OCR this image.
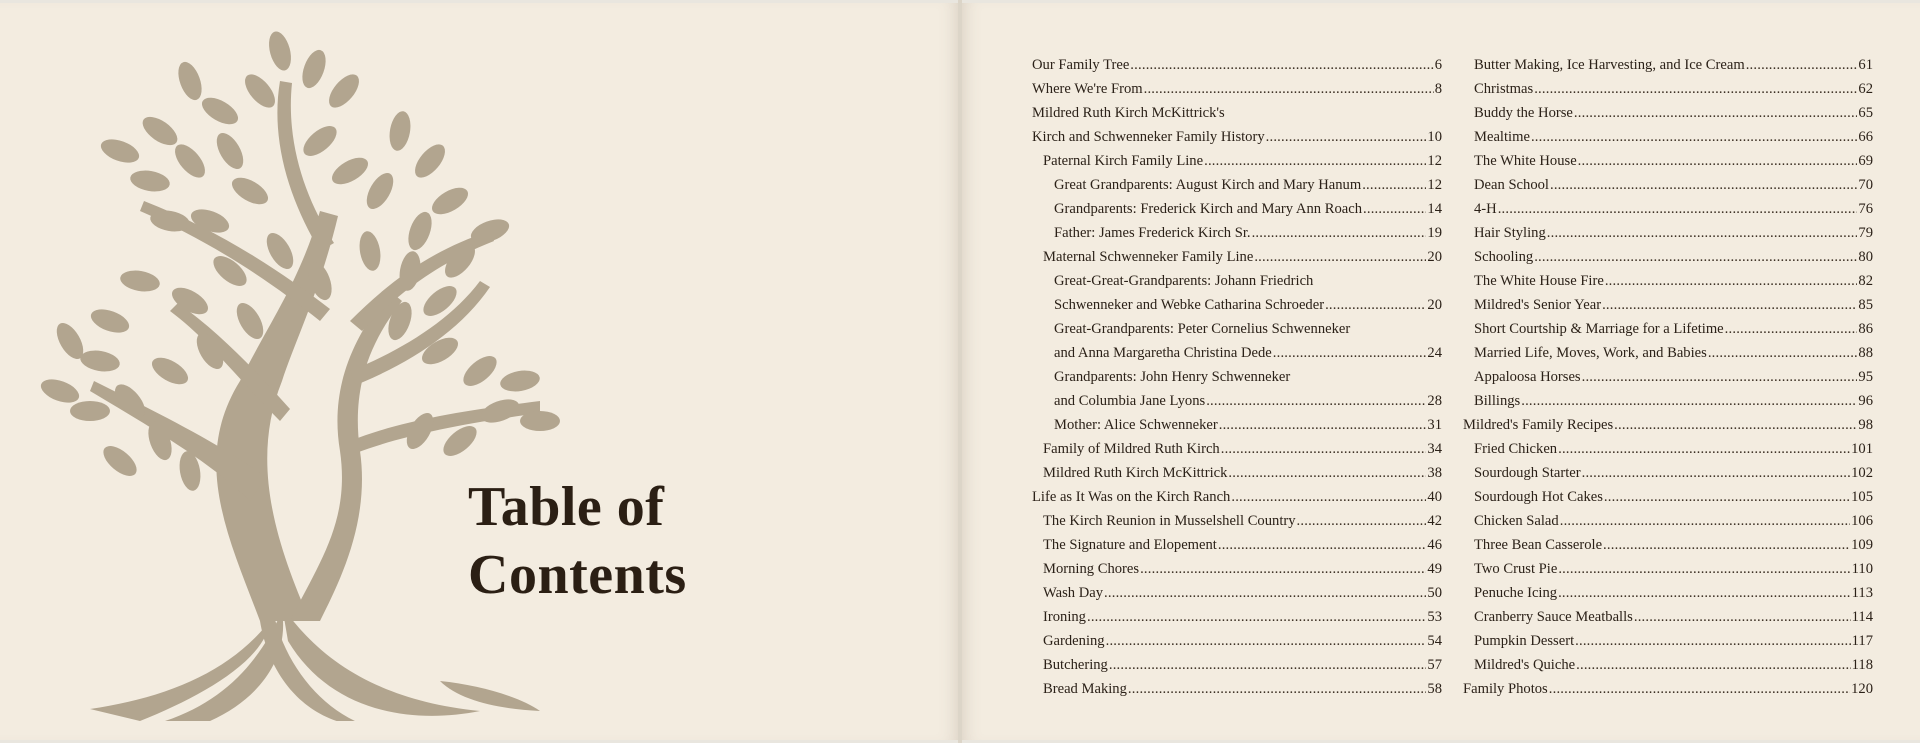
Table of
Contents
Our Family Tree .....	6
Where We're From .....	8
Mildred Ruth Kirch McKittrick's
Kirch and Schwenneker Family History .....	10
Paternal Kirch Family Line .....	12
Great Grandparents: August Kirch and Mary Hanum .....	12
Grandparents: Frederick Kirch and Mary Ann Roach .....	14
Father: James Frederick Kirch Sr. .....	19
Maternal Schwenneker Family Line .....	20
Great-Great-Grandparents: Johann Friedrich
Schwenneker and Webke Catharina Schroeder .....	20
Great-Grandparents: Peter Cornelius Schwenneker
and Anna Margaretha Christina Dede .....	24
Grandparents: John Henry Schwenneker
and Columbia Jane Lyons .....	28
Mother: Alice Schwenneker .....	31
Family of Mildred Ruth Kirch .....	34
Mildred Ruth Kirch McKittrick .....	38
Life as It Was on the Kirch Ranch .....	40
The Kirch Reunion in Musselshell Country .....	42
The Signature and Elopement .....	46
Morning Chores .....	49
Wash Day .....	50
Ironing .....	53
Gardening .....	54
Butchering .....	57
Bread Making .....	58
Butter Making, Ice Harvesting, and Ice Cream .....	61
Christmas .....	62
Buddy the Horse .....	65
Mealtime .....	66
The White House .....	69
Dean School .....	70
4-H .....	76
Hair Styling .....	79
Schooling .....	80
The White House Fire .....	82
Mildred's Senior Year .....	85
Short Courtship & Marriage for a Lifetime .....	86
Married Life, Moves, Work, and Babies .....	88
Appaloosa Horses .....	95
Billings .....	96
Mildred's Family Recipes .....	98
Fried Chicken .....	101
Sourdough Starter .....	102
Sourdough Hot Cakes .....	105
Chicken Salad .....	106
Three Bean Casserole .....	109
Two Crust Pie .....	110
Penuche Icing .....	113
Cranberry Sauce Meatballs .....	114
Pumpkin Dessert .....	117
Mildred's Quiche .....	118
Family Photos .....	120
